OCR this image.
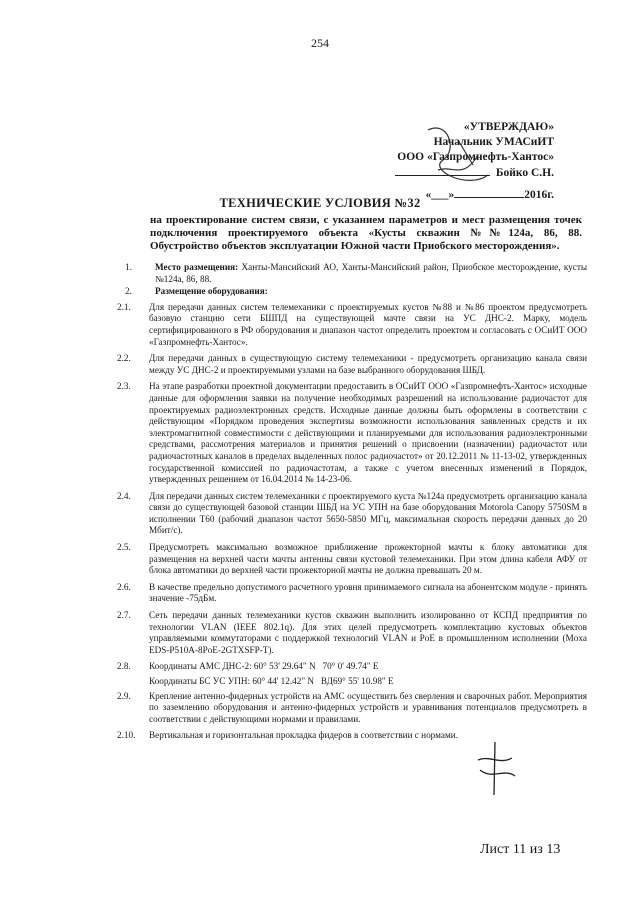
254
«УТВЕРЖДАЮ»
Начальник УМАСиИТ
ООО «Газпромнефть-Хантос»
Бойко С.Н.
«___»	2016г.
ТЕХНИЧЕСКИЕ УСЛОВИЯ №32
на проектирование систем связи, с указанием параметров и мест размещения точек подключения проектируемого объекта «Кусты скважин №№124а, 86, 88. Обустройство объектов эксплуатации Южной части Приобского месторождения».
1.	Место размещения: Ханты-Мансийский АО, Ханты-Мансийский район, Приобское месторождение, кусты №124а, 86, 88.
2.	Размещение оборудования:
2.1.	Для передачи данных систем телемеханики с проектируемых кустов №88 и №86 проектом предусмотреть базовую станцию сети БШПД на существующей мачте связи на УС ДНС-2. Марку, модель сертифицированного в РФ оборудования и диапазон частот определить проектом и согласовать с ОСиИТ ООО «Газпромнефть-Хантос».
2.2.	Для передачи данных в существующую систему телемеханики - предусмотреть организацию канала связи между УС ДНС-2 и проектируемыми узлами на базе выбранного оборудования ШБД.
2.3.	На этапе разработки проектной документации предоставить в ОСиИТ ООО «Газпромнефть-Хантос» исходные данные для оформления заявки на получение необходимых разрешений на использование радиочастот для проектируемых радиоэлектронных средств. Исходные данные должны быть оформлены в соответствии с действующим «Порядком проведения экспертизы возможности использования заявленных средств и их электромагнитной совместимости с действующими и планируемыми для использования радиоэлектронными средствами, рассмотрения материалов и принятия решений о присвоении (назначении) радиочастот или радиочастотных каналов в пределах выделенных полос радиочастот» от 20.12.2011 № 11-13-02, утвержденных государственной комиссией по радиочастотам, а также с учетом внесенных изменений в Порядок, утвержденных решением от 16.04.2014 № 14-23-06.
2.4.	Для передачи данных систем телемеханики с проектируемого куста №124а предусмотреть организацию канала связи до существующей базовой станции ШБД на УС УПН на базе оборудования Motorola Canopy 5750SM в исполнении T60 (рабочий диапазон частот 5650-5850 МГц, максимальная скорость передачи данных до 20 Мбит/с).
2.5.	Предусмотреть максимально возможное приближение прожекторной мачты к блоку автоматики для размещения на верхней части мачты антенны связи кустовой телемеханики. При этом длина кабеля АФУ от блока автоматики до верхней части прожекторной мачты не должна превышать 20 м.
2.6.	В качестве предельно допустимого расчетного уровня принимаемого сигнала на абонентском модуле - принять значение -75дБм.
2.7.	Сеть передачи данных телемеханики кустов скважин выполнить изолированно от КСПД предприятия по технологии VLAN (IEEE 802.1q). Для этих целей предусмотреть комплектацию кустовых объектов управляемыми коммутаторами с поддержкой технологий VLAN и PoE в промышленном исполнении (Moxa EDS-P510A-8PoE-2GTXSFP-T).
2.8.	Координаты АМС ДНС-2: 60° 53' 29.64" N 70° 0' 49.74" E
Координаты БС УС УПН: 60° 44' 12.42" N ВД69° 55' 10.98" E
2.9.	Крепление антенно-фидерных устройств на АМС осуществить без сверления и сварочных работ. Мероприятия по заземлению оборудования и антенно-фидерных устройств и уравнивания потенциалов предусмотреть в соответствии с действующими нормами и правилами.
2.10.	Вертикальная и горизонтальная прокладка фидеров в соответствии с нормами.
Лист 11 из 13
